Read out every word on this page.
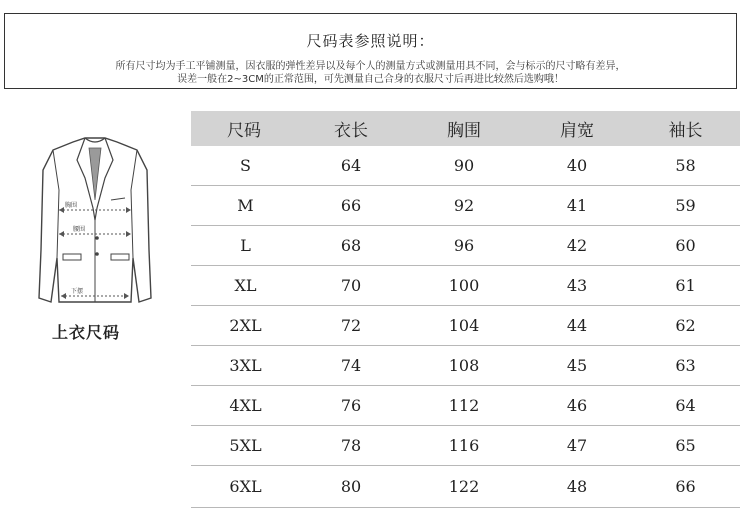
尺码表参照说明：
所有尺寸均为手工平铺测量，因衣服的弹性差异以及每个人的测量方式或测量用具不同，会与标示的尺寸略有差异，
误差一般在2~3CM的正常范围，可先测量自己合身的衣服尺寸后再进比较然后选购哦！
胸围
腰围
下摆
上衣尺码
尺码	衣长	胸围	肩宽	袖长
S	64	90	40	58
M	66	92	41	59
L	68	96	42	60
XL	70	100	43	61
2XL	72	104	44	62
3XL	74	108	45	63
4XL	76	112	46	64
5XL	78	116	47	65
6XL	80	122	48	66
